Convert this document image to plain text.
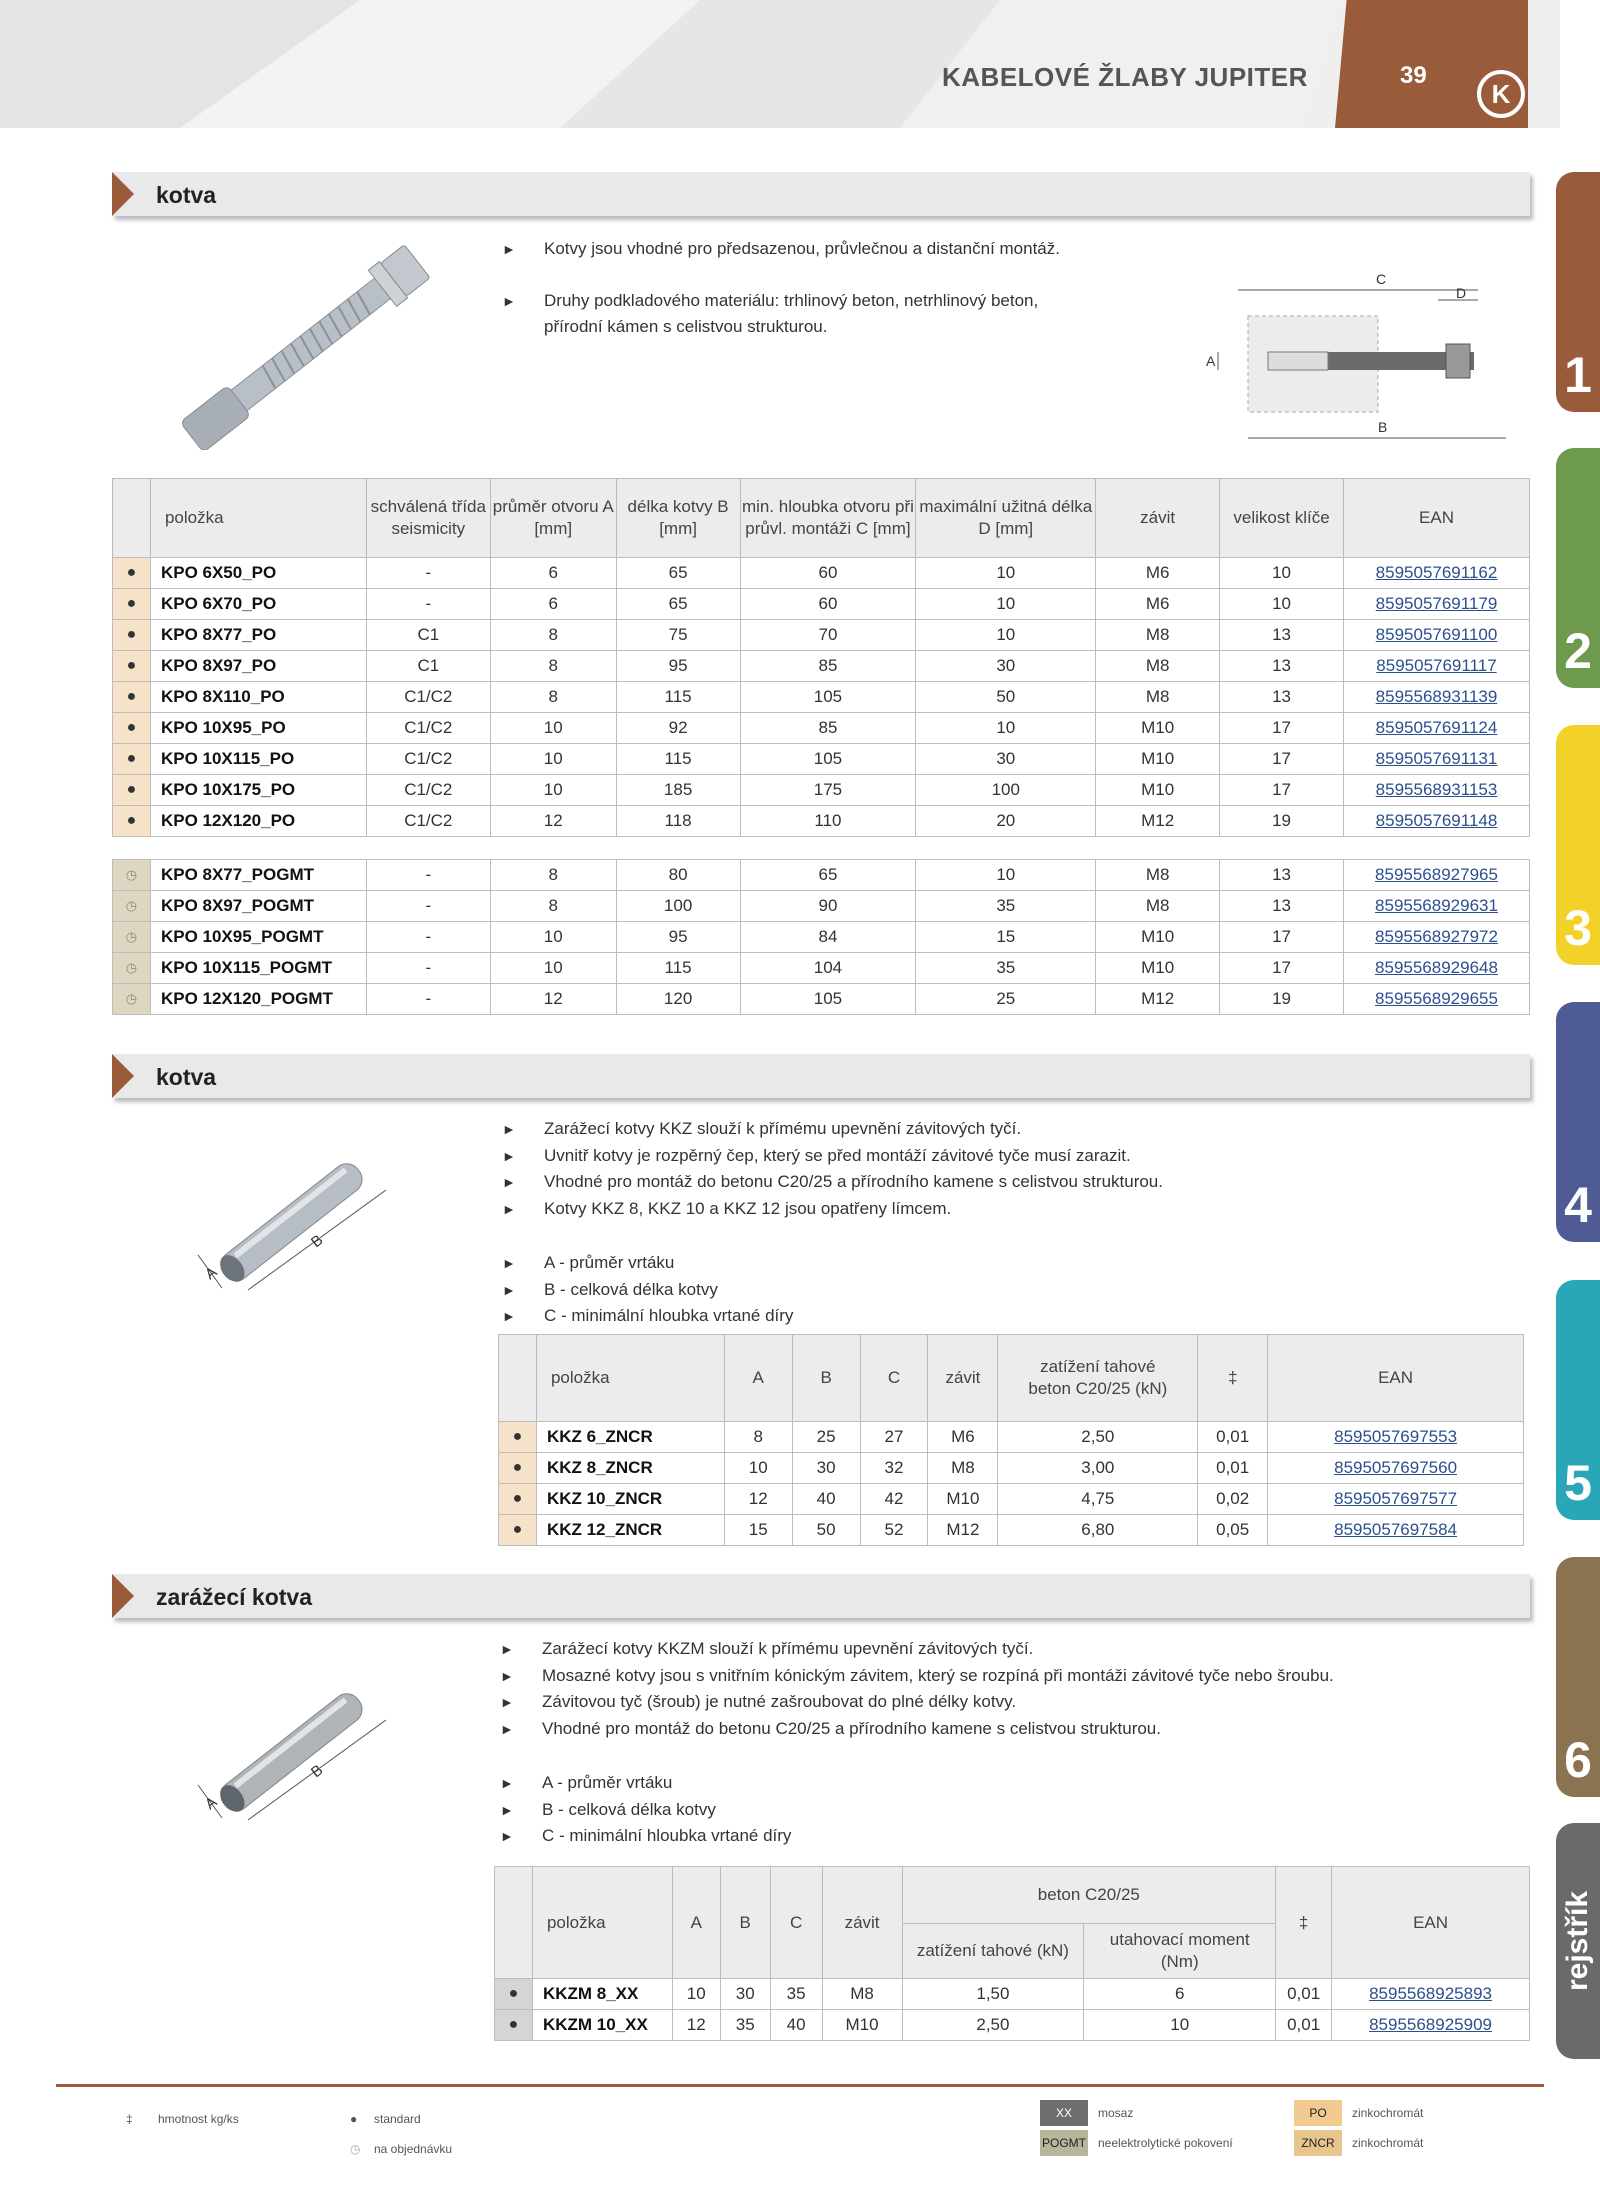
KABELOVÉ ŽLABY JUPITER	39
K
1
2
3
4
5
6
rejstřík
kotva
► Kotvy jsou vhodné pro předsazenou, průvlečnou a distanční montáž.
► Druhy podkladového materiálu: trhlinový beton, netrhlinový beton,
přírodní kámen s celistvou strukturou.
C
D
A
B
	položka	schválená třída seismicity	průměr otvoru A [mm]	délka kotvy B [mm]	min. hloubka otvoru při průvl. montáži C [mm]	maximální užitná délka D [mm]	závit	velikost klíče	EAN
●	KPO 6X50_PO	-	6	65	60	10	M6	10	8595057691162
●	KPO 6X70_PO	-	6	65	60	10	M6	10	8595057691179
●	KPO 8X77_PO	C1	8	75	70	10	M8	13	8595057691100
●	KPO 8X97_PO	C1	8	95	85	30	M8	13	8595057691117
●	KPO 8X110_PO	C1/C2	8	115	105	50	M8	13	8595568931139
●	KPO 10X95_PO	C1/C2	10	92	85	10	M10	17	8595057691124
●	KPO 10X115_PO	C1/C2	10	115	105	30	M10	17	8595057691131
●	KPO 10X175_PO	C1/C2	10	185	175	100	M10	17	8595568931153
●	KPO 12X120_PO	C1/C2	12	118	110	20	M12	19	8595057691148

◷	KPO 8X77_POGMT	-	8	80	65	10	M8	13	8595568927965
◷	KPO 8X97_POGMT	-	8	100	90	35	M8	13	8595568929631
◷	KPO 10X95_POGMT	-	10	95	84	15	M10	17	8595568927972
◷	KPO 10X115_POGMT	-	10	115	104	35	M10	17	8595568929648
◷	KPO 12X120_POGMT	-	12	120	105	25	M12	19	8595568929655
kotva
A
B
► Zarážecí kotvy KKZ slouží k přímému upevnění závitových tyčí.
► Uvnitř kotvy je rozpěrný čep, který se před montáží závitové tyče musí zarazit.
► Vhodné pro montáž do betonu C20/25 a přírodního kamene s celistvou strukturou.
► Kotvy KKZ 8, KKZ 10 a KKZ 12 jsou opatřeny límcem.
► A - průměr vrtáku
► B - celková délka kotvy
► C - minimální hloubka vrtané díry
	položka	A	B	C	závit	zatížení tahové beton C20/25 (kN)	‡	EAN
●	KKZ 6_ZNCR	8	25	27	M6	2,50	0,01	8595057697553
●	KKZ 8_ZNCR	10	30	32	M8	3,00	0,01	8595057697560
●	KKZ 10_ZNCR	12	40	42	M10	4,75	0,02	8595057697577
●	KKZ 12_ZNCR	15	50	52	M12	6,80	0,05	8595057697584
zarážecí kotva
A
B
► Zarážecí kotvy KKZM slouží k přímému upevnění závitových tyčí.
► Mosazné kotvy jsou s vnitřním kónickým závitem, který se rozpíná při montáži závitové tyče nebo šroubu.
► Závitovou tyč (šroub) je nutné zašroubovat do plné délky kotvy.
► Vhodné pro montáž do betonu C20/25 a přírodního kamene s celistvou strukturou.
► A - průměr vrtáku
► B - celková délka kotvy
► C - minimální hloubka vrtané díry
	položka	A	B	C	závit	beton C20/25		‡	EAN
						zatížení tahové (kN)	utahovací moment (Nm)		
●	KKZM 8_XX	10	30	35	M8	1,50	6	0,01	8595568925893
●	KKZM 10_XX	12	35	40	M10	2,50	10	0,01	8595568925909
‡ hmotnost kg/ks	● standard
◷ na objednávku
XX	mosaz
POGMT neelektrolytické pokovení
PO	zinkochromát
ZNCR	zinkochromát
